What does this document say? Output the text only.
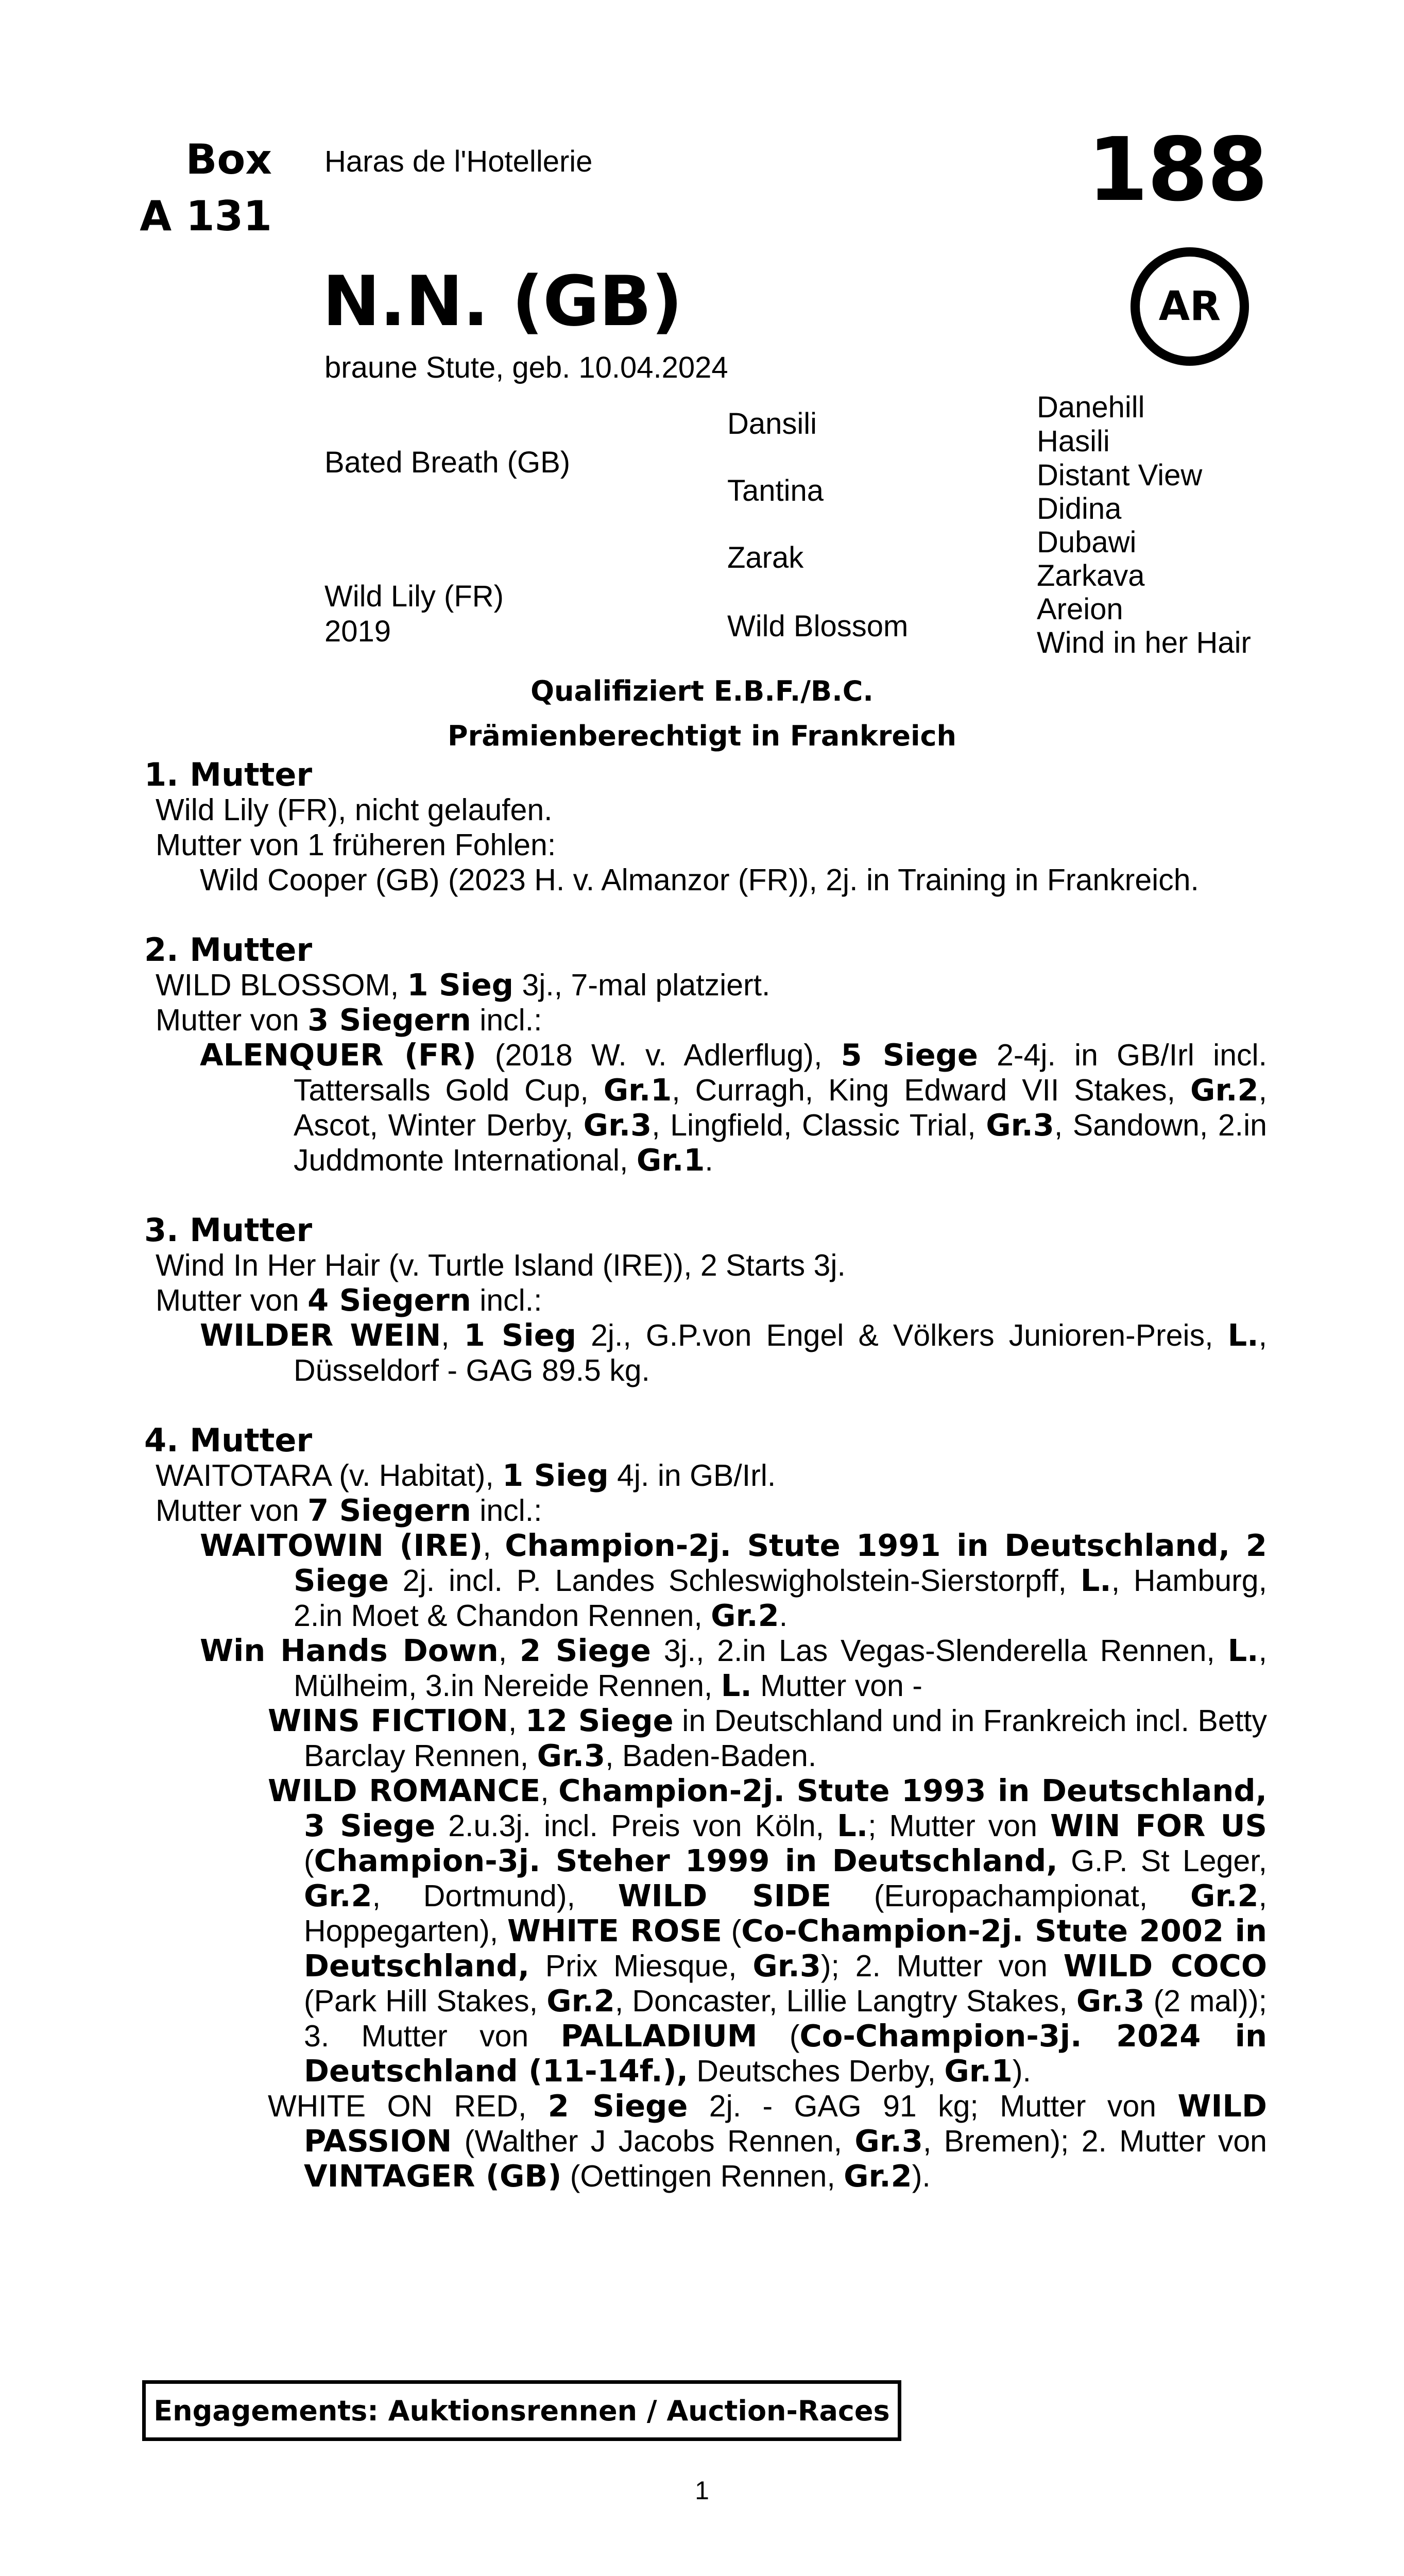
Box
A 131
Haras de l'Hotellerie	188
AR
N.N. (GB)
braune Stute, geb. 10.04.2024
Bated Breath (GB)
Wild Lily (FR)
2019
Dansili
Tantina
Zarak
Wild Blossom
Danehill
Hasili
Distant View
Didina
Dubawi
Zarkava
Areion
Wind in her Hair
Qualifiziert E.B.F./B.C.
Prämienberechtigt in Frankreich
1. Mutter
Wild Lily (FR), nicht gelaufen.
Mutter von 1 früheren Fohlen:
Wild Cooper (GB) (2023 H. v. Almanzor (FR)), 2j. in Training in Frankreich.
2. Mutter
WILD BLOSSOM, 1 Sieg 3j., 7-mal platziert.
Mutter von 3 Siegern incl.:
ALENQUER (FR) (2018 W. v. Adlerflug), 5 Siege 2-4j. in GB/Irl incl. Tattersalls Gold Cup, Gr.1, Curragh, King Edward VII Stakes, Gr.2, Ascot, Winter Derby, Gr.3, Lingfield, Classic Trial, Gr.3, Sandown, 2.in Juddmonte International, Gr.1.
3. Mutter
Wind In Her Hair (v. Turtle Island (IRE)), 2 Starts 3j.
Mutter von 4 Siegern incl.:
WILDER WEIN, 1 Sieg 2j., G.P.von Engel & Völkers Junioren-Preis, L., Düsseldorf - GAG 89.5 kg.
4. Mutter
WAITOTARA (v. Habitat), 1 Sieg 4j. in GB/Irl.
Mutter von 7 Siegern incl.:
WAITOWIN (IRE), Champion-2j. Stute 1991 in Deutschland, 2 Siege 2j. incl. P. Landes Schleswigholstein-Sierstorpff, L., Hamburg, 2.in Moet & Chandon Rennen, Gr.2.
Win Hands Down, 2 Siege 3j., 2.in Las Vegas-Slenderella Rennen, L., Mülheim, 3.in Nereide Rennen, L. Mutter von -
WINS FICTION, 12 Siege in Deutschland und in Frankreich incl. Betty Barclay Rennen, Gr.3, Baden-Baden.
WILD ROMANCE, Champion-2j. Stute 1993 in Deutschland, 3 Siege 2.u.3j. incl. Preis von Köln, L.; Mutter von WIN FOR US (Champion-3j. Steher 1999 in Deutschland, G.P. St Leger, Gr.2, Dortmund), WILD SIDE (Europachampionat, Gr.2, Hoppegarten), WHITE ROSE (Co-Champion-2j. Stute 2002 in Deutschland, Prix Miesque, Gr.3); 2. Mutter von WILD COCO (Park Hill Stakes, Gr.2, Doncaster, Lillie Langtry Stakes, Gr.3 (2 mal)); 3. Mutter von PALLADIUM (Co-Champion-3j. 2024 in Deutschland (11-14f.), Deutsches Derby, Gr.1).
WHITE ON RED, 2 Siege 2j. - GAG 91 kg; Mutter von WILD PASSION (Walther J Jacobs Rennen, Gr.3, Bremen); 2. Mutter von VINTAGER (GB) (Oettingen Rennen, Gr.2).
Engagements: Auktionsrennen / Auction-Races
1
